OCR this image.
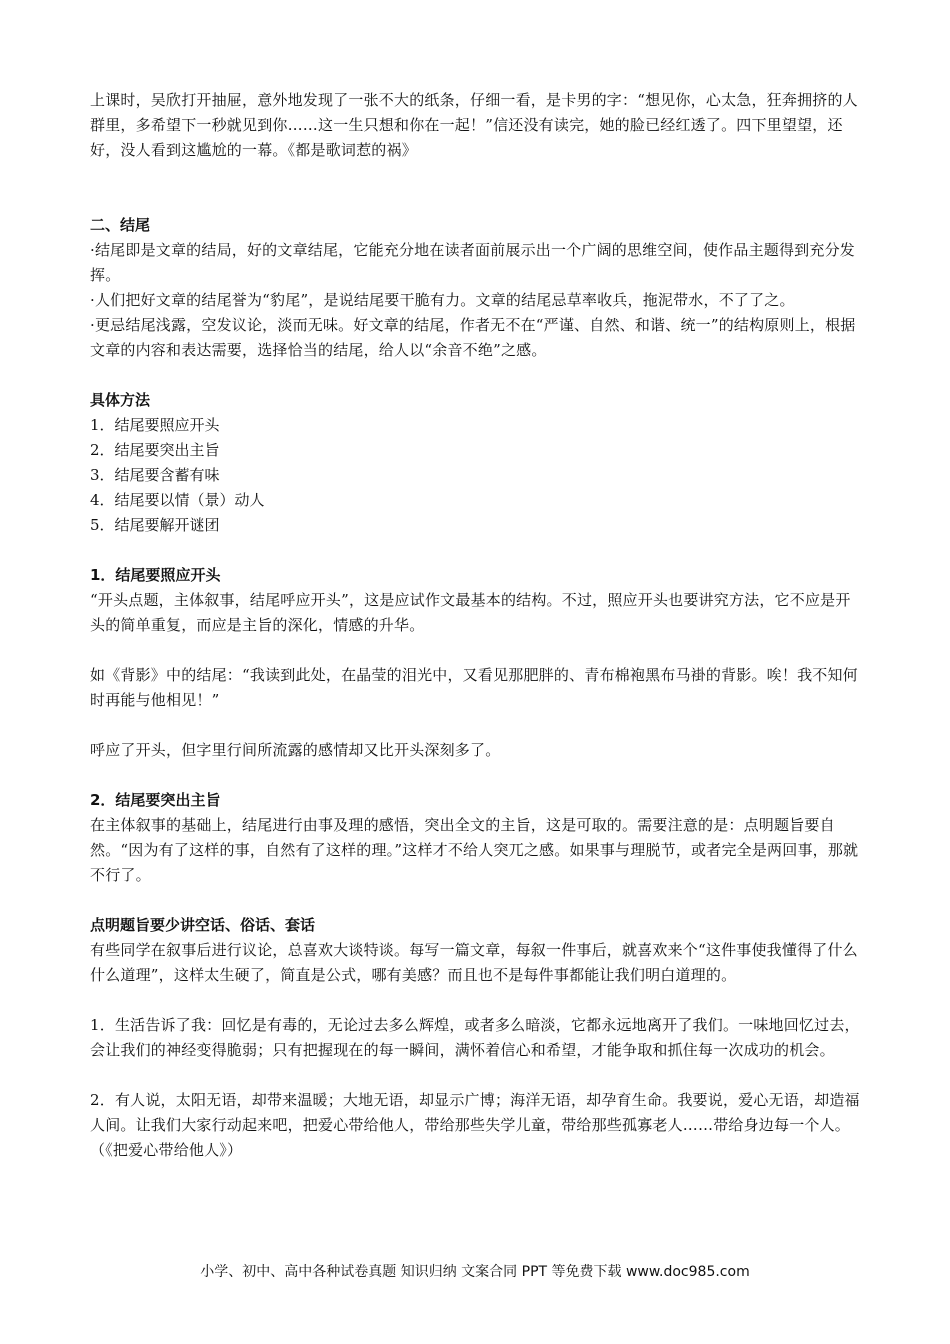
上课时，吴欣打开抽屉，意外地发现了一张不大的纸条，仔细一看，是卡男的字：“想见你，心太急，狂奔拥挤的人群里，多希望下一秒就见到你……这一生只想和你在一起！”信还没有读完，她的脸已经红透了。四下里望望，还好，没人看到这尴尬的一幕。《都是歌词惹的祸》

二、结尾

·结尾即是文章的结局，好的文章结尾，它能充分地在读者面前展示出一个广阔的思维空间，使作品主题得到充分发挥。

·人们把好文章的结尾誉为“豹尾”，是说结尾要干脆有力。文章的结尾忌草率收兵，拖泥带水，不了了之。

·更忌结尾浅露，空发议论，淡而无味。好文章的结尾，作者无不在“严谨、自然、和谐、统一”的结构原则上，根据文章的内容和表达需要，选择恰当的结尾，给人以“余音不绝”之感。

具体方法
1．结尾要照应开头
2．结尾要突出主旨
3．结尾要含蓄有味
4．结尾要以情（景）动人
5．结尾要解开谜团
1．结尾要照应开头

“开头点题，主体叙事，结尾呼应开头”，这是应试作文最基本的结构。不过，照应开头也要讲究方法，它不应是开头的简单重复，而应是主旨的深化，情感的升华。

如《背影》中的结尾：“我读到此处，在晶莹的泪光中，又看见那肥胖的、青布棉袍黑布马褂的背影。唉！我不知何时再能与他相见！”

呼应了开头，但字里行间所流露的感情却又比开头深刻多了。

2．结尾要突出主旨

在主体叙事的基础上，结尾进行由事及理的感悟，突出全文的主旨，这是可取的。需要注意的是：点明题旨要自然。“因为有了这样的事，自然有了这样的理。”这样才不给人突兀之感。如果事与理脱节，或者完全是两回事，那就不行了。

点明题旨要少讲空话、俗话、套话

有些同学在叙事后进行议论，总喜欢大谈特谈。每写一篇文章，每叙一件事后，就喜欢来个“这件事使我懂得了什么什么道理”，这样太生硬了，简直是公式，哪有美感？而且也不是每件事都能让我们明白道理的。

1．生活告诉了我：回忆是有毒的，无论过去多么辉煌，或者多么暗淡，它都永远地离开了我们。一味地回忆过去，会让我们的神经变得脆弱；只有把握现在的每一瞬间，满怀着信心和希望，才能争取和抓住每一次成功的机会。

2．有人说，太阳无语，却带来温暖；大地无语，却显示广博；海洋无语，却孕育生命。我要说，爱心无语，却造福人间。让我们大家行动起来吧，把爱心带给他人，带给那些失学儿童，带给那些孤寡老人……带给身边每一个人。（《把爱心带给他人》）

小学、初中、高中各种试卷真题 知识归纳 文案合同 PPT 等免费下载 www.doc985.com
